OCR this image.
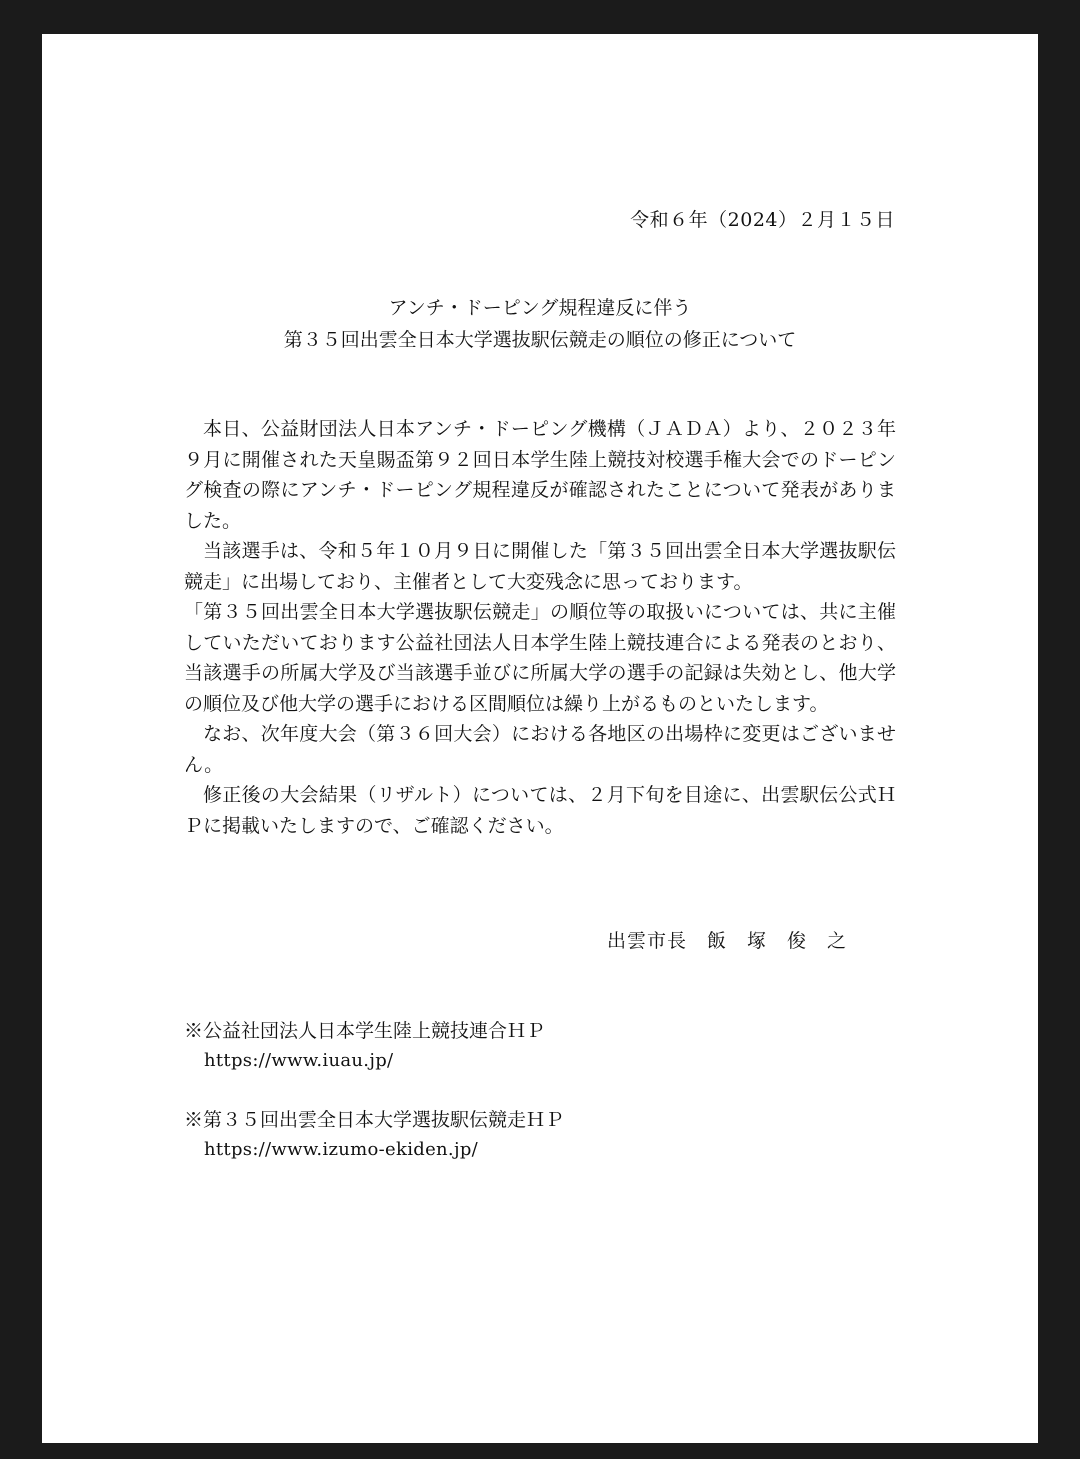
令和６年（2024）２月１５日
アンチ・ドーピング規程違反に伴う
第３５回出雲全日本大学選抜駅伝競走の順位の修正について

本日、公益財団法人日本アンチ・ドーピング機構（ＪＡＤＡ）より、２０２３年９月に開催された天皇賜盃第９２回日本学生陸上競技対校選手権大会でのドーピング検査の際にアンチ・ドーピング規程違反が確認されたことについて発表がありました。

当該選手は、令和５年１０月９日に開催した「第３５回出雲全日本大学選抜駅伝競走」に出場しており、主催者として大変残念に思っております。

「第３５回出雲全日本大学選抜駅伝競走」の順位等の取扱いについては、共に主催していただいております公益社団法人日本学生陸上競技連合による発表のとおり、当該選手の所属大学及び当該選手並びに所属大学の選手の記録は失効とし、他大学の順位及び他大学の選手における区間順位は繰り上がるものといたします。

なお、次年度大会（第３６回大会）における各地区の出場枠に変更はございません。

修正後の大会結果（リザルト）については、２月下旬を目途に、出雲駅伝公式ＨＰに掲載いたしますので、ご確認ください。

出雲市長　飯　塚　俊　之
※公益社団法人日本学生陸上競技連合ＨＰ
https://www.iuau.jp/
※第３５回出雲全日本大学選抜駅伝競走ＨＰ
https://www.izumo-ekiden.jp/
